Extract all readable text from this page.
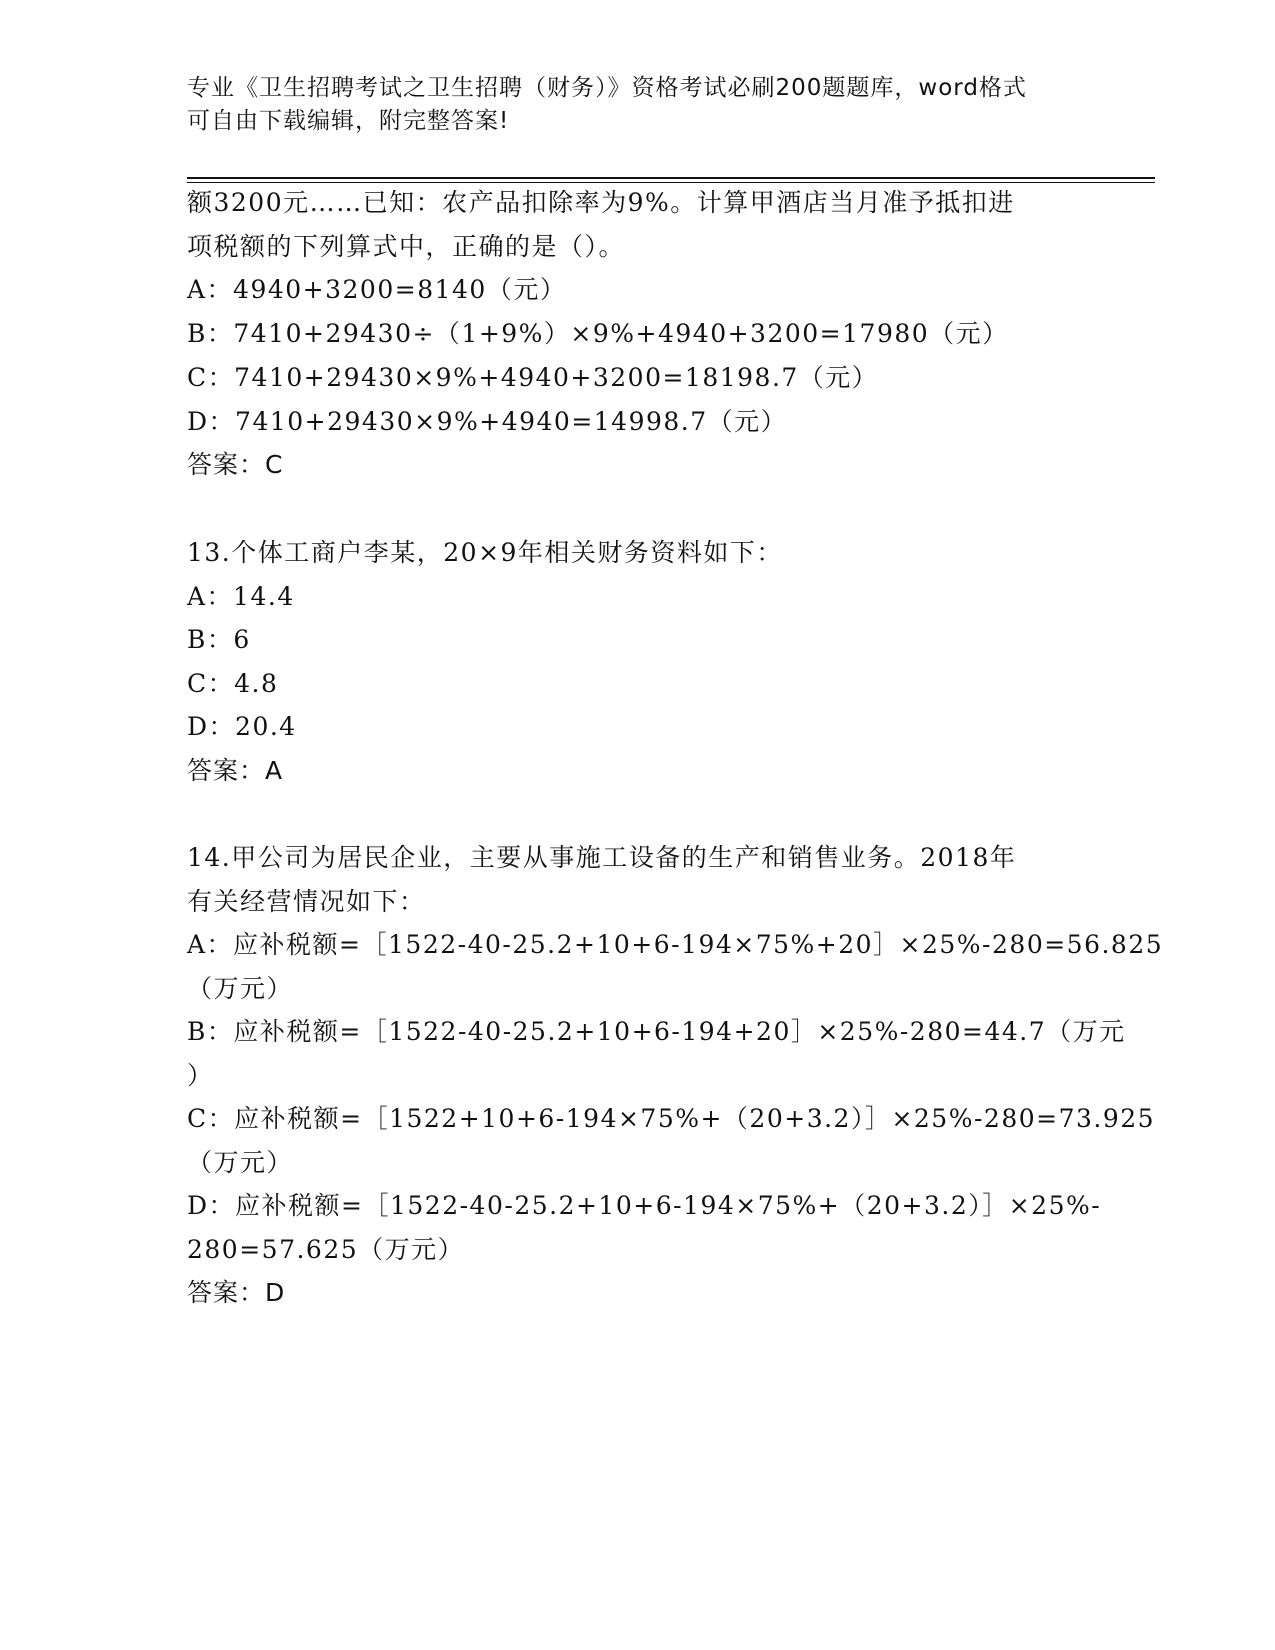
专业《卫生招聘考试之卫生招聘（财务）》资格考试必刷200题题库，word格式
可自由下载编辑，附完整答案!
额3200元……已知：农产品扣除率为9%。计算甲酒店当月准予抵扣进
项税额的下列算式中，正确的是（）。
A：4940+3200=8140（元）
B：7410+29430÷（1+9%）×9%+4940+3200=17980（元）
C：7410+29430×9%+4940+3200=18198.7（元）
D：7410+29430×9%+4940=14998.7（元）
答案：C
13.个体工商户李某，20×9年相关财务资料如下：
A：14.4
B：6
C：4.8
D：20.4
答案：A
14.甲公司为居民企业，主要从事施工设备的生产和销售业务。2018年
有关经营情况如下：
A：应补税额=［1522-40-25.2+10+6-194×75%+20］×25%-280=56.825
（万元）
B：应补税额=［1522-40-25.2+10+6-194+20］×25%-280=44.7（万元
）
C：应补税额=［1522+10+6-194×75%+（20+3.2）］×25%-280=73.925
（万元）
D：应补税额=［1522-40-25.2+10+6-194×75%+（20+3.2）］×25%-
280=57.625（万元）
答案：D
